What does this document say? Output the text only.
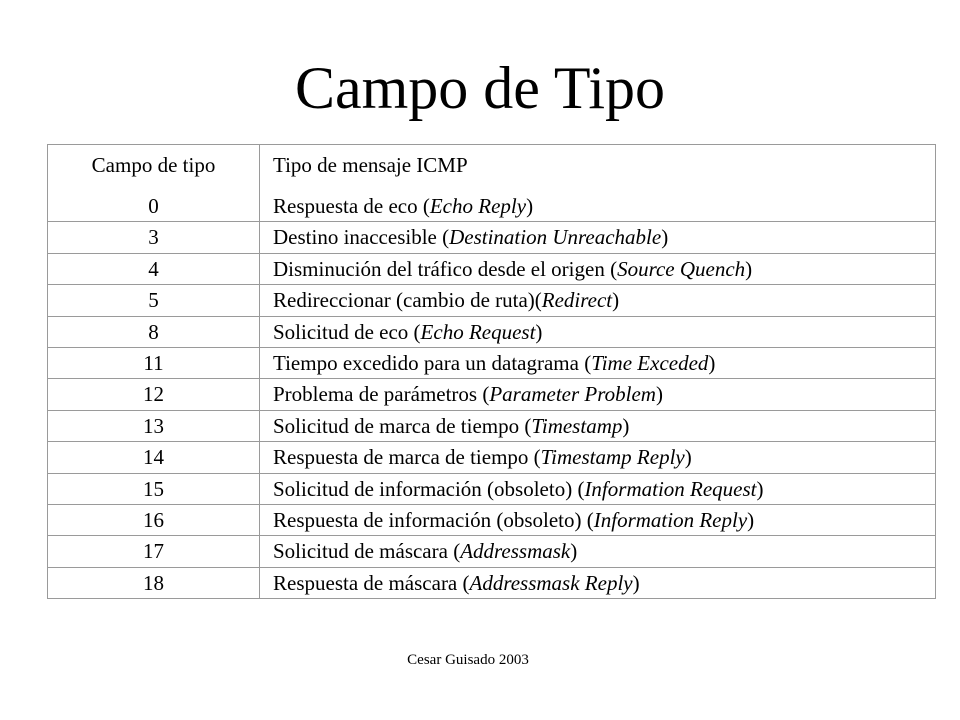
Campo de Tipo
Campo de tipo	Tipo de mensaje ICMP
0	Respuesta de eco (Echo Reply)
3	Destino inaccesible (Destination Unreachable)
4	Disminución del tráfico desde el origen (Source Quench)
5	Redireccionar (cambio de ruta)(Redirect)
8	Solicitud de eco (Echo Request)
11	Tiempo excedido para un datagrama (Time Exceded)
12	Problema de parámetros (Parameter Problem)
13	Solicitud de marca de tiempo (Timestamp)
14	Respuesta de marca de tiempo (Timestamp Reply)
15	Solicitud de información (obsoleto) (Information Request)
16	Respuesta de información (obsoleto) (Information Reply)
17	Solicitud de máscara (Addressmask)
18	Respuesta de máscara (Addressmask Reply)
Cesar Guisado 2003
